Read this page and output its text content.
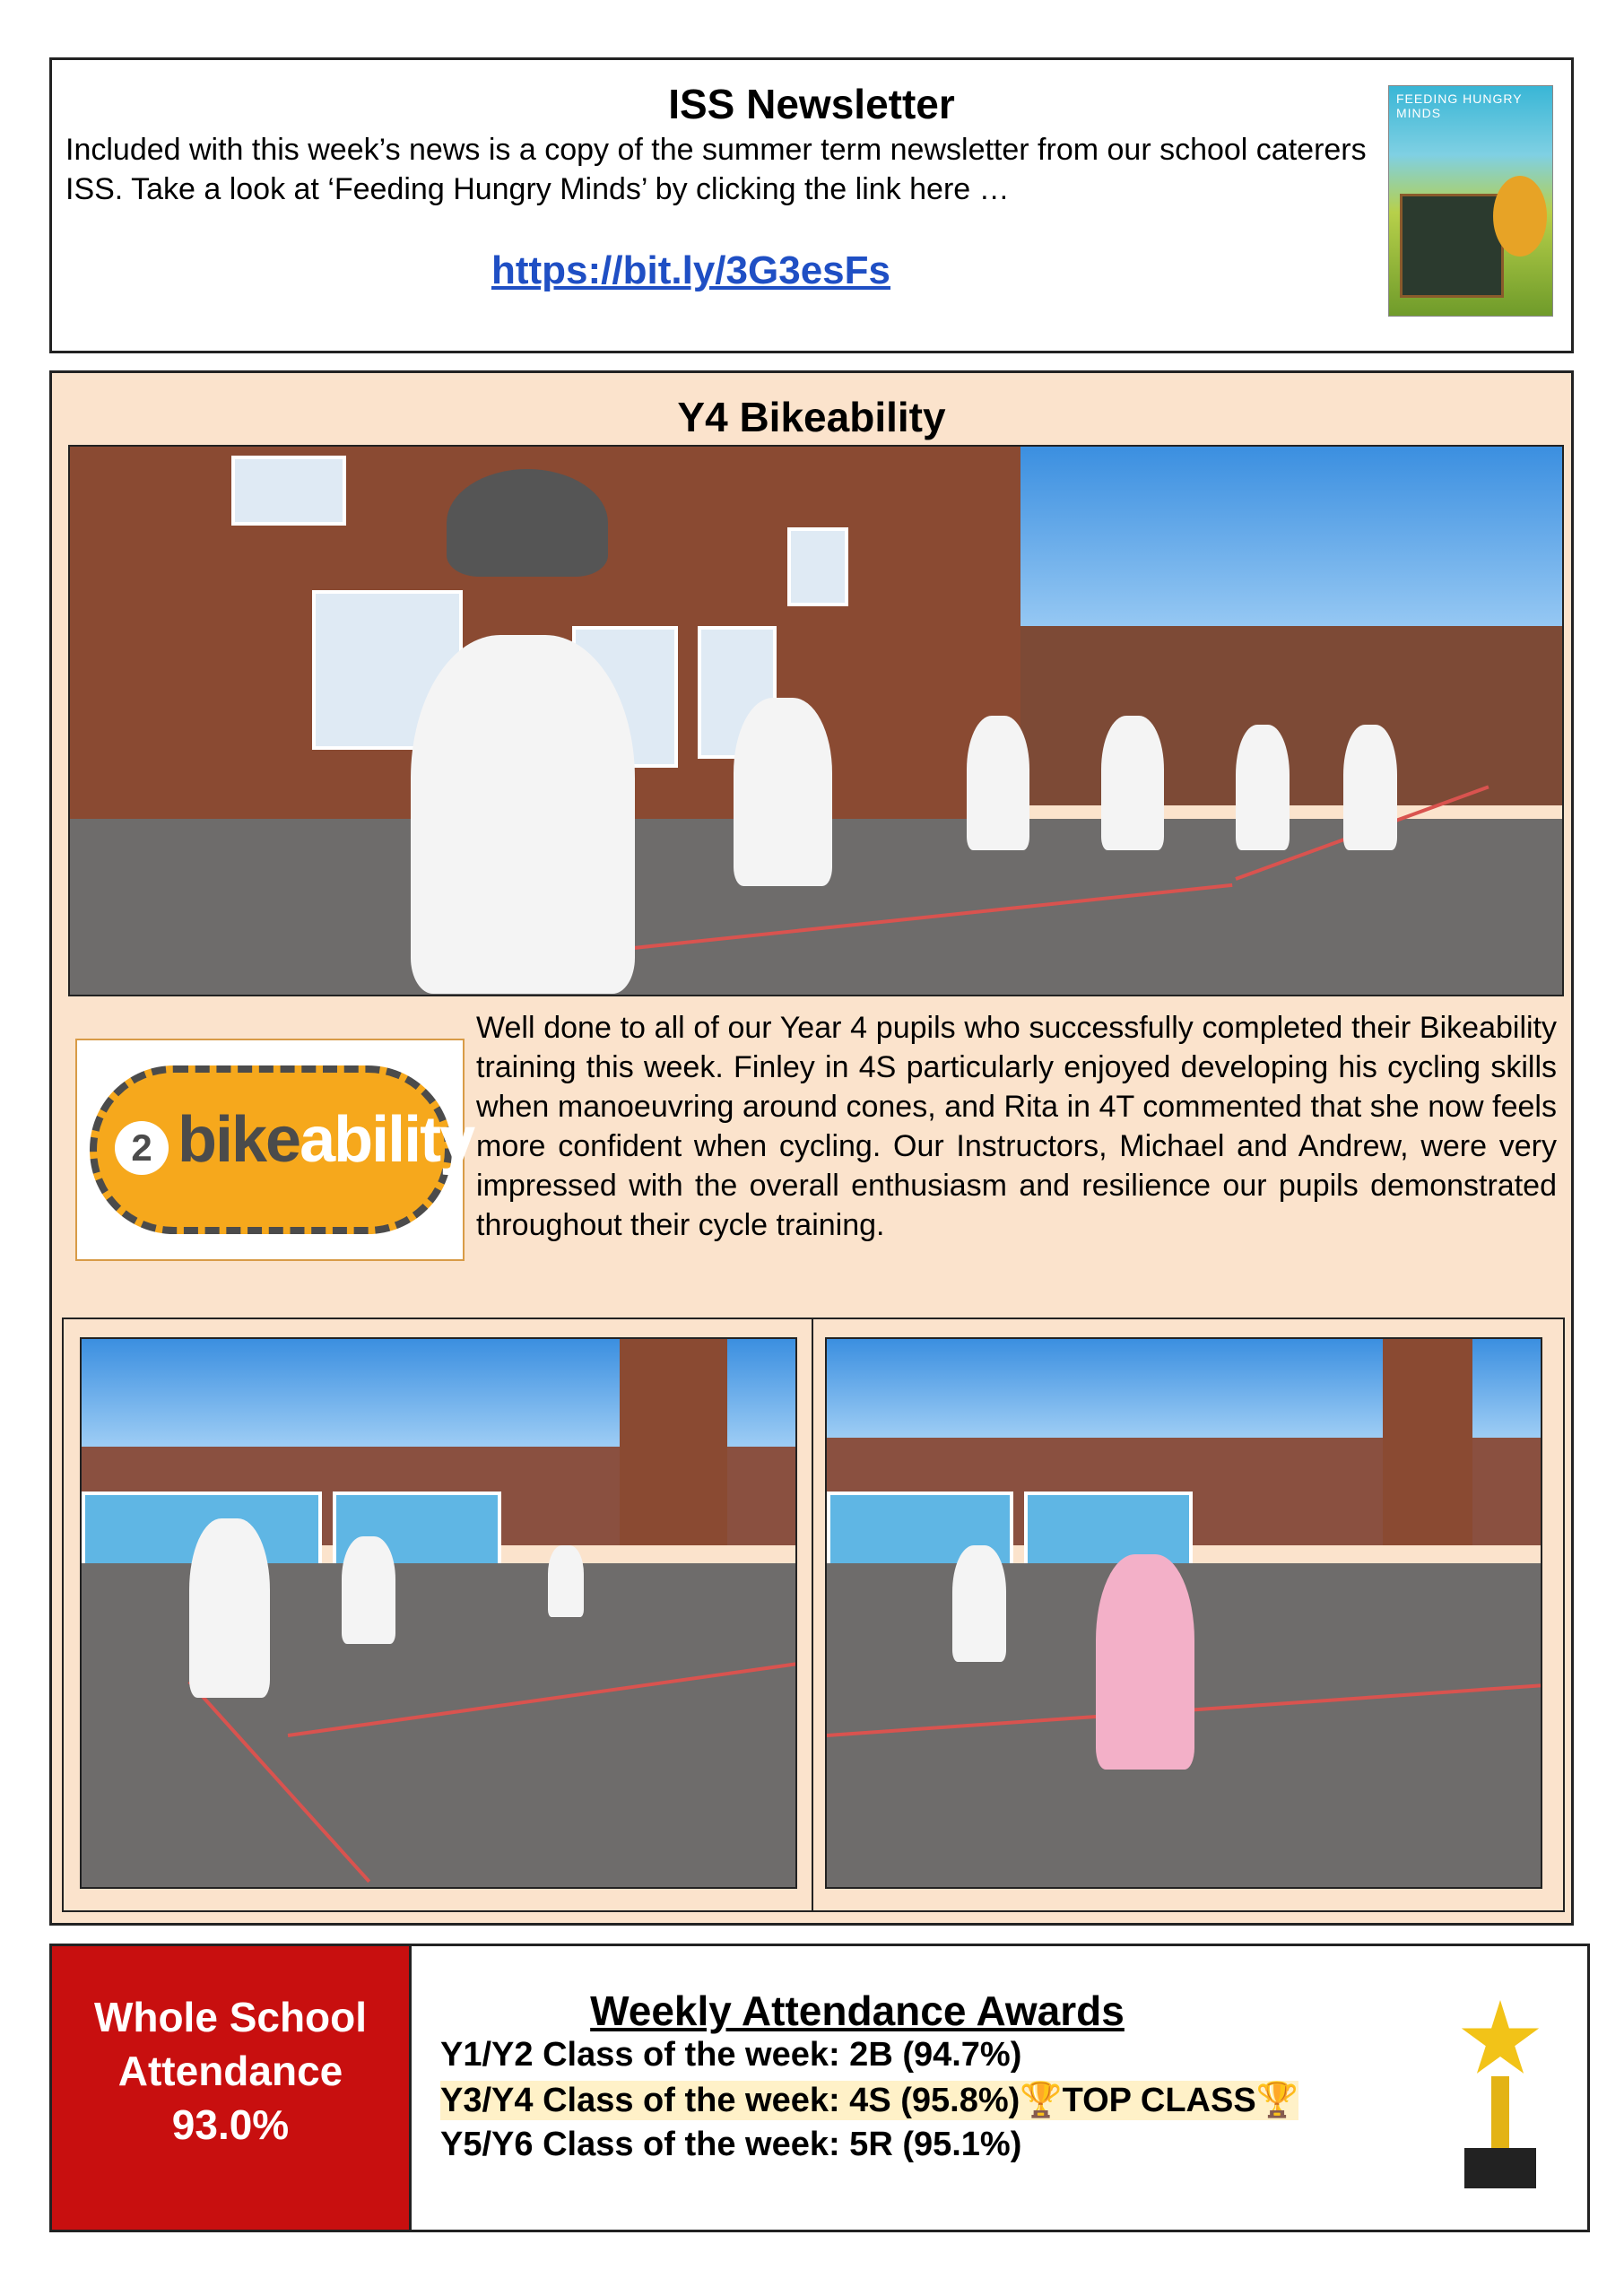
ISS Newsletter
Included with this week’s news is a copy of the summer term newsletter from our school caterers ISS. Take a look at ‘Feeding Hungry Minds’ by clicking the link here …
https://bit.ly/3G3esFs
FEEDING HUNGRY MINDS
Y4 Bikeability
2 bikeability
Well done to all of our Year 4 pupils who successfully completed their Bikeability training this week. Finley in 4S particularly enjoyed developing his cycling skills when manoeuvring around cones, and Rita in 4T commented that she now feels more confident when cycling. Our Instructors, Michael and Andrew, were very impressed with the overall enthusiasm and resilience our pupils demonstrated throughout their cycle training.
Whole School
Attendance
93.0%
Weekly Attendance Awards
Y1/Y2 Class of the week: 2B (94.7%)
Y3/Y4 Class of the week: 4S (95.8%)🏆TOP CLASS🏆
Y5/Y6 Class of the week: 5R (95.1%)
